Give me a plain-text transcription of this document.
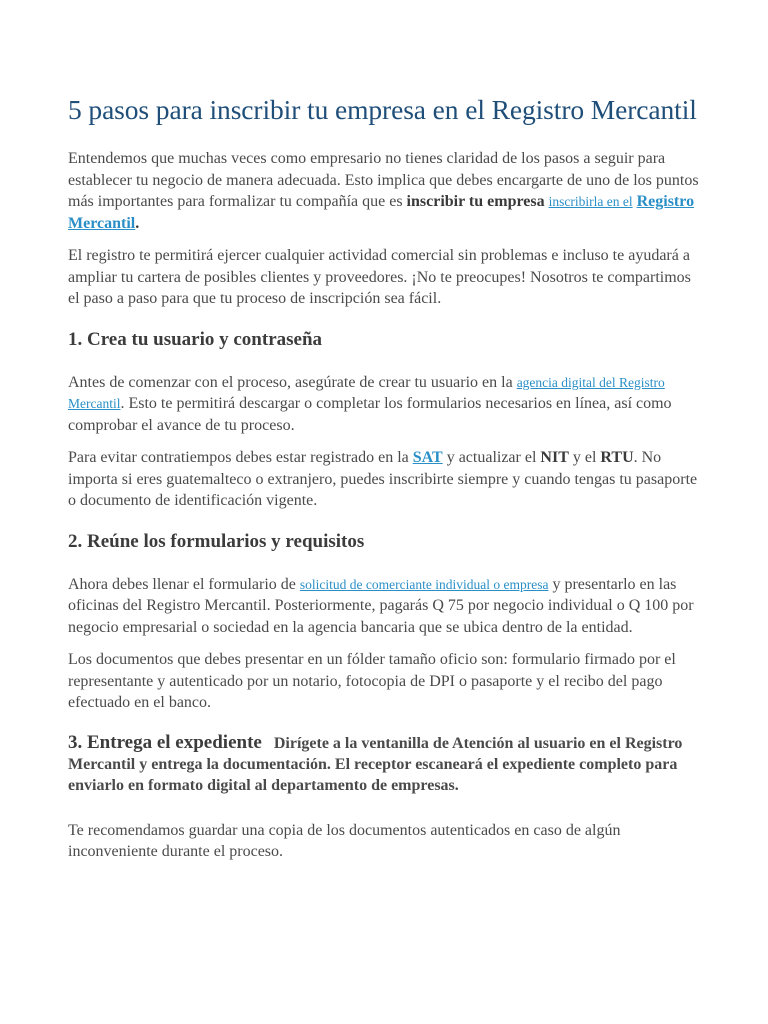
5 pasos para inscribir tu empresa en el Registro Mercantil

Entendemos que muchas veces como empresario no tienes claridad de los pasos a seguir para establecer tu negocio de manera adecuada. Esto implica que debes encargarte de uno de los puntos más importantes para formalizar tu compañía que es inscribir tu empresa inscribirla en el Registro Mercantil.

El registro te permitirá ejercer cualquier actividad comercial sin problemas e incluso te ayudará a ampliar tu cartera de posibles clientes y proveedores. ¡No te preocupes! Nosotros te compartimos el paso a paso para que tu proceso de inscripción sea fácil.

1. Crea tu usuario y contraseña

Antes de comenzar con el proceso, asegúrate de crear tu usuario en la agencia digital del Registro Mercantil. Esto te permitirá descargar o completar los formularios necesarios en línea, así como comprobar el avance de tu proceso.

Para evitar contratiempos debes estar registrado en la SAT y actualizar el NIT y el RTU. No importa si eres guatemalteco o extranjero, puedes inscribirte siempre y cuando tengas tu pasaporte o documento de identificación vigente.

2. Reúne los formularios y requisitos

Ahora debes llenar el formulario de solicitud de comerciante individual o empresa y presentarlo en las oficinas del Registro Mercantil. Posteriormente, pagarás Q 75 por negocio individual o Q 100 por negocio empresarial o sociedad en la agencia bancaria que se ubica dentro de la entidad.

Los documentos que debes presentar en un fólder tamaño oficio son: formulario firmado por el representante y autenticado por un notario, fotocopia de DPI o pasaporte y el recibo del pago efectuado en el banco.

3. Entrega el expediente Dirígete a la ventanilla de Atención al usuario en el Registro Mercantil y entrega la documentación. El receptor escaneará el expediente completo para enviarlo en formato digital al departamento de empresas.

Te recomendamos guardar una copia de los documentos autenticados en caso de algún inconveniente durante el proceso.
